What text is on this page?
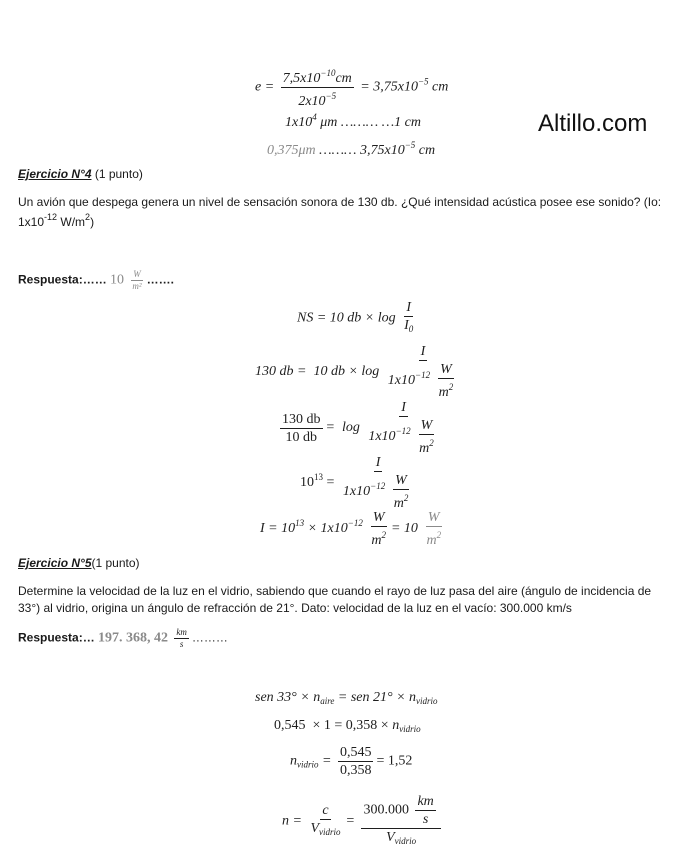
Altillo.com
$e = \frac{7,5x10^{-10}cm}{2x10^{-5}} = 3,75x10^{-5}$ cm
$1x10^4$ μm ……… …1 cm
0,375μm ……… $3,75x10^{-5}$ cm
Ejercicio N°4 (1 punto)
Un avión que despega genera un nivel de sensación sonora de 130 db. ¿Qué intensidad acústica posee ese sonido? (Io:
$1x10^{-12}$ $W/m^2$)
Respuesta:…… $10 \frac{W}{\text{m²}}$ …….
NS = 10 db × $\log \frac{I}{I_0}$
130 db =  10 db × $\log \frac{I}{1x10^{-12} \frac{W}{m^2}}$
$\frac{130 db}{10 db} = \log \frac{I}{1x10^{-12} \frac{W}{m^2}}$
$10^{13} = \frac{I}{1x10^{-12} \frac{W}{m^2}}$
$I = 10^{13} \times 1x10^{-12} \frac{W}{m^2} = 10 \frac{W}{m^2}$
Ejercicio N°5(1 punto)
Determine la velocidad de la luz en el vidrio, sabiendo que cuando el rayo de luz pasa del aire (ángulo de incidencia de
33°) al vidrio, origina un ángulo de refracción de 21°. Dato: velocidad de la luz en el vacío: 300.000 km/s
Respuesta:… 197. 368, $42 \frac{km}{s}$ ………
sen $33^\circ \times n_{aire}$ = sen $21^\circ \times n_{vidrio}$
$0,545 \times 1 = 0,358 \times n_{vidrio}$
$n_{vidrio} = \frac{0,545}{0,358} = 1,52$
$n = \frac{c}{V_{vidrio}} = \frac{300.000 \frac{km}{s}}{V_{vidrio}}$
